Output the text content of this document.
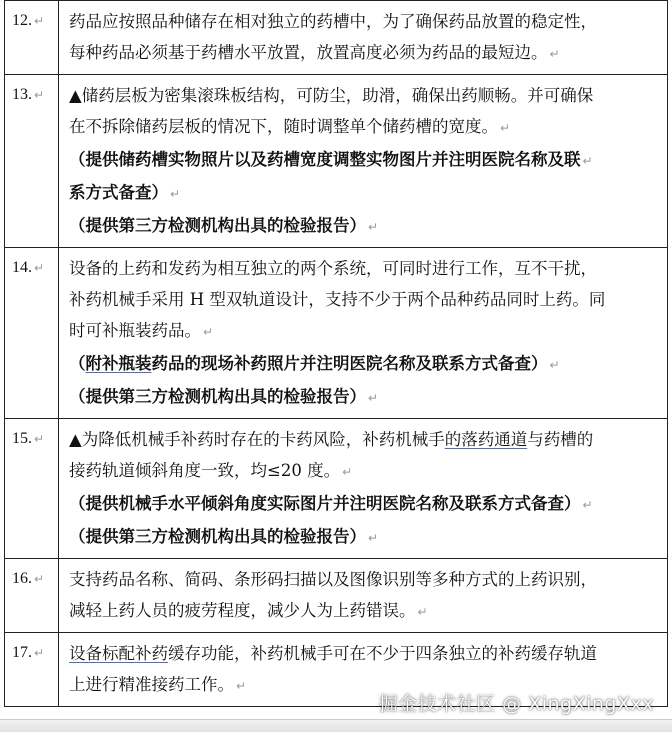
12. ↵	药品应按照品种储存在相对独立的药槽中，为了确保药品放置的稳定性，
每种药品必须基于药槽水平放置，放置高度必须为药品的最短边。 ↵

13. ↵	▲储药层板为密集滚珠板结构，可防尘，助滑，确保出药顺畅。并可确保
在不拆除储药层板的情况下，随时调整单个储药槽的宽度。 ↵
（提供储药槽实物照片以及药槽宽度调整实物图片并注明医院名称及联 ↵
系方式备查） ↵
（提供第三方检测机构出具的检验报告） ↵

14. ↵	设备的上药和发药为相互独立的两个系统，可同时进行工作，互不干扰，
补药机械手采用 H 型双轨道设计，支持不少于两个品种药品同时上药。同
时可补瓶装药品。 ↵
（附补瓶装药品的现场补药照片并注明医院名称及联系方式备查） ↵
（提供第三方检测机构出具的检验报告） ↵

15. ↵	▲为降低机械手补药时存在的卡药风险，补药机械手的落药通道与药槽的
接药轨道倾斜角度一致，均≤20 度。 ↵
（提供机械手水平倾斜角度实际图片并注明医院名称及联系方式备查） ↵
（提供第三方检测机构出具的检验报告） ↵

16. ↵	支持药品名称、简码、条形码扫描以及图像识别等多种方式的上药识别，
减轻上药人员的疲劳程度，减少人为上药错误。 ↵

17. ↵	设备标配补药缓存功能，补药机械手可在不少于四条独立的补药缓存轨道
上进行精准接药工作。 ↵
掘金技术社区 @ XingXingXxx
